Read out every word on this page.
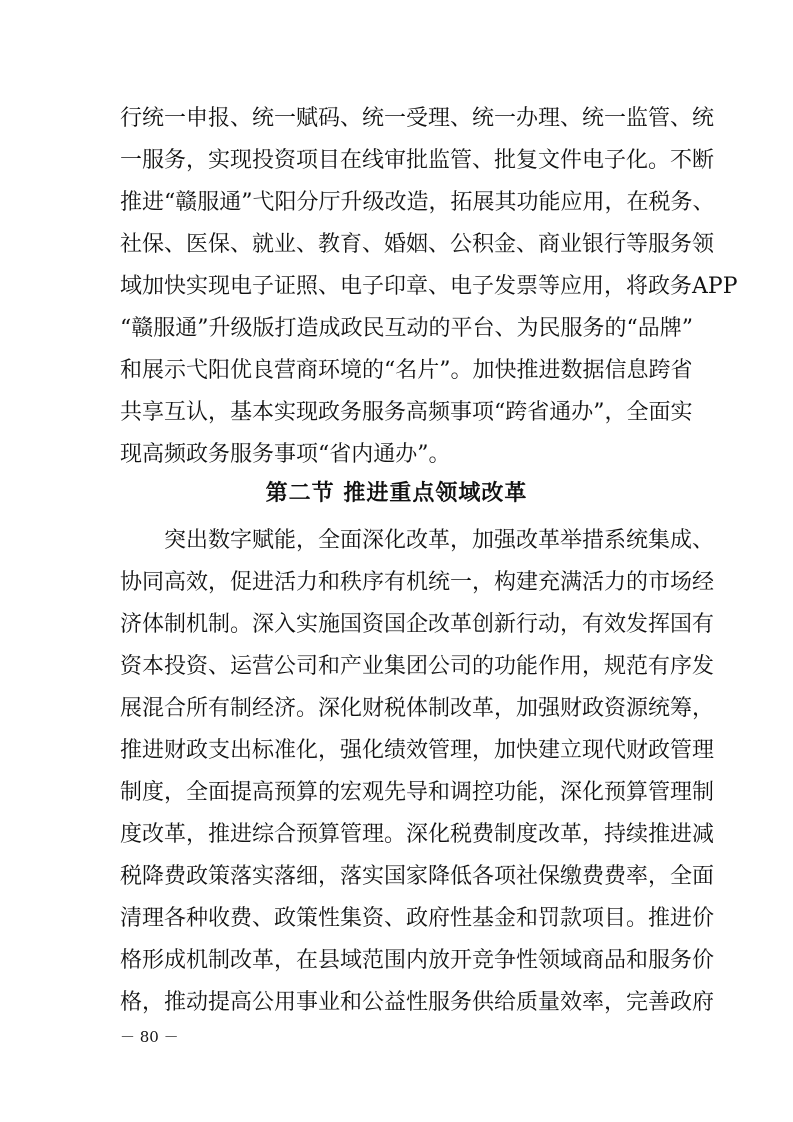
行统一申报、统一赋码、统一受理、统一办理、统一监管、统
一服务，实现投资项目在线审批监管、批复文件电子化。不断
推进“赣服通”弋阳分厅升级改造，拓展其功能应用，在税务、
社保、医保、就业、教育、婚姻、公积金、商业银行等服务领
域加快实现电子证照、电子印章、电子发票等应用，将政务APP
“赣服通”升级版打造成政民互动的平台、为民服务的“品牌”
和展示弋阳优良营商环境的“名片”。加快推进数据信息跨省
共享互认，基本实现政务服务高频事项“跨省通办”，全面实
现高频政务服务事项“省内通办”。
第二节 推进重点领域改革
突出数字赋能，全面深化改革，加强改革举措系统集成、
协同高效，促进活力和秩序有机统一，构建充满活力的市场经
济体制机制。深入实施国资国企改革创新行动，有效发挥国有
资本投资、运营公司和产业集团公司的功能作用，规范有序发
展混合所有制经济。深化财税体制改革，加强财政资源统筹，
推进财政支出标准化，强化绩效管理，加快建立现代财政管理
制度，全面提高预算的宏观先导和调控功能，深化预算管理制
度改革，推进综合预算管理。深化税费制度改革，持续推进减
税降费政策落实落细，落实国家降低各项社保缴费费率，全面
清理各种收费、政策性集资、政府性基金和罚款项目。推进价
格形成机制改革，在县域范围内放开竞争性领域商品和服务价
格，推动提高公用事业和公益性服务供给质量效率，完善政府
－ 80 －
